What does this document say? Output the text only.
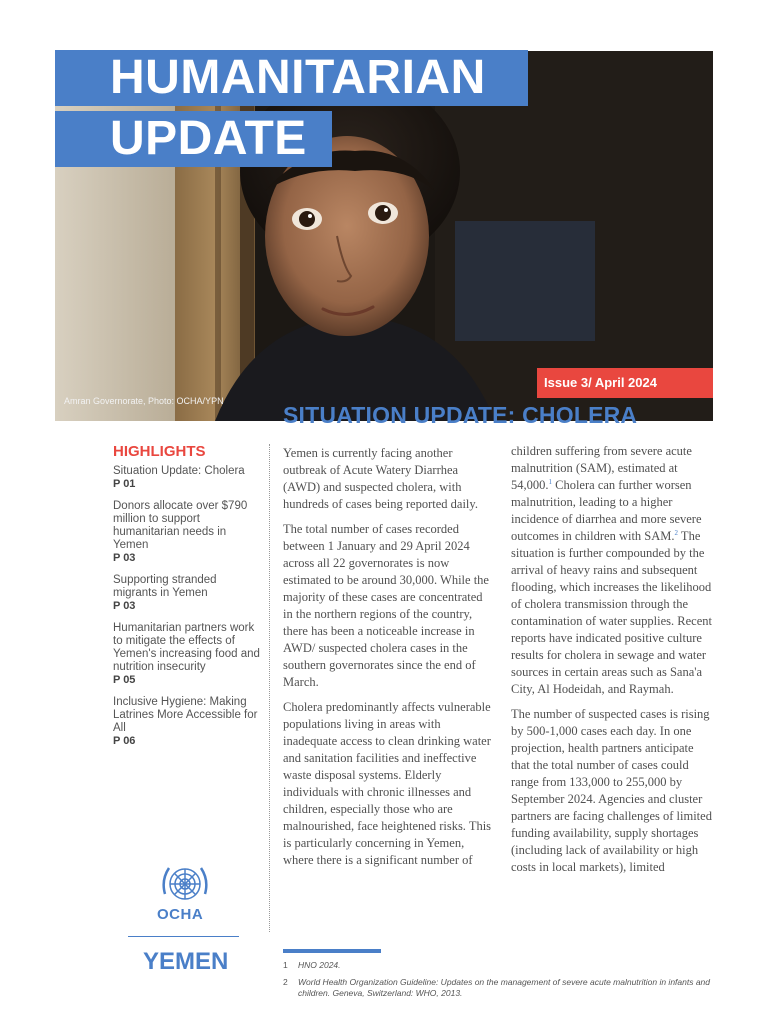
HUMANITARIAN
UPDATE
Amran Governorate, Photo: OCHA/YPN
Issue 3/ April 2024
SITUATION UPDATE: CHOLERA
HIGHLIGHTS
Situation Update: Cholera
P 01
Donors allocate over $790 million to support humanitarian needs in Yemen
P 03
Supporting stranded migrants in Yemen
P 03
Humanitarian partners work to mitigate the effects of Yemen's increasing food and nutrition insecurity
P 05
Inclusive Hygiene: Making Latrines More Accessible for All
P 06

Yemen is currently facing another outbreak of Acute Watery Diarrhea (AWD) and suspected cholera, with hundreds of cases being reported daily.

The total number of cases recorded between 1 January and 29 April 2024 across all 22 governorates is now estimated to be around 30,000. While the majority of these cases are concentrated in the northern regions of the country, there has been a noticeable increase in AWD/ suspected cholera cases in the southern governorates since the end of March.

Cholera predominantly affects vulnerable populations living in areas with inadequate access to clean drinking water and sanitation facilities and ineffective waste disposal systems. Elderly individuals with chronic illnesses and children, especially those who are malnourished, face heightened risks. This is particularly concerning in Yemen, where there is a significant number of

children suffering from severe acute malnutrition (SAM), estimated at 54,000.$^1$ Cholera can further worsen malnutrition, leading to a higher incidence of diarrhea and more severe outcomes in children with SAM.$^2$ The situation is further compounded by the arrival of heavy rains and subsequent flooding, which increases the likelihood of cholera transmission through the contamination of water supplies. Recent reports have indicated positive culture results for cholera in sewage and water sources in certain areas such as Sana'a City, Al Hodeidah, and Raymah.

The number of suspected cases is rising by 500-1,000 cases each day. In one projection, health partners anticipate that the total number of cases could range from 133,000 to 255,000 by September 2024. Agencies and cluster partners are facing challenges of limited funding availability, supply shortages (including lack of availability or high costs in local markets), limited

OCHA
YEMEN	1	HNO 2024.
2	World Health Organization Guideline: Updates on the management of severe acute malnutrition in infants and children. Geneva, Switzerland: WHO, 2013.
